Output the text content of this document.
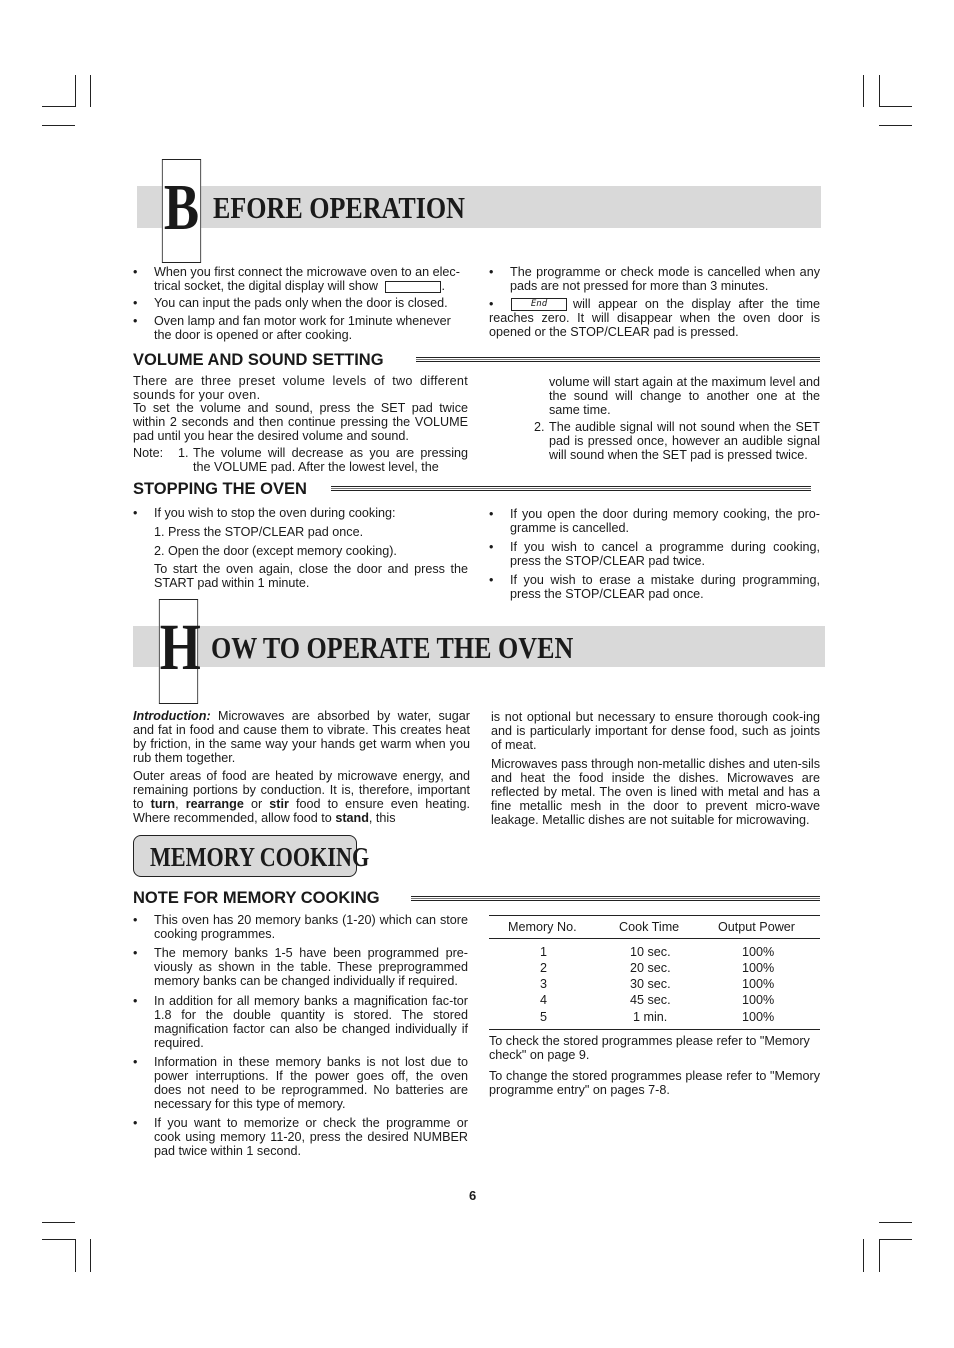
B EFORE OPERATION
• When you first connect the microwave oven to an elec-trical socket, the digital display will show	.
• You can input the pads only when the door is closed.
• Oven lamp and fan motor work for 1minute whenever the door is opened or after cooking.
• The programme or check mode is cancelled when any pads are not pressed for more than 3 minutes.
•	End will appear on the display after the time reaches zero. It will disappear when the oven door is opened or the STOP/CLEAR pad is pressed.
VOLUME AND SOUND SETTING
There are three preset volume levels of two different sounds for your oven.
To set the volume and sound, press the SET pad twice within 2 seconds and then continue pressing the VOLUME pad until you hear the desired volume and sound.
Note: 1. The volume will decrease as you are pressing the VOLUME pad. After the lowest level, the
volume will start again at the maximum level and the sound will change to another one at the same time.
2. The audible signal will not sound when the SET pad is pressed once, however an audible signal will sound when the SET pad is pressed twice.
STOPPING THE OVEN
• If you wish to stop the oven during cooking:
1. Press the STOP/CLEAR pad once.
2. Open the door (except memory cooking).
To start the oven again, close the door and press the START pad within 1 minute.
• If you open the door during memory cooking, the pro-gramme is cancelled.
• If you wish to cancel a programme during cooking, press the STOP/CLEAR pad twice.
• If you wish to erase a mistake during programming, press the STOP/CLEAR pad once.
H OW TO OPERATE THE OVEN
Introduction: Microwaves are absorbed by water, sugar and fat in food and cause them to vibrate. This creates heat by friction, in the same way your hands get warm when you rub them together.
Outer areas of food are heated by microwave energy, and remaining portions by conduction. It is, therefore, important to turn, rearrange or stir food to ensure even heating. Where recommended, allow food to stand, this
is not optional but necessary to ensure thorough cook-ing and is particularly important for dense food, such as joints of meat.
Microwaves pass through non-metallic dishes and uten-sils and heat the food inside the dishes. Microwaves are reflected by metal. The oven is lined with metal and has a fine metallic mesh in the door to prevent micro-wave leakage. Metallic dishes are not suitable for microwaving.
MEMORY COOKING
NOTE FOR MEMORY COOKING
• This oven has 20 memory banks (1-20) which can store cooking programmes.
• The memory banks 1-5 have been programmed pre-viously as shown in the table. These preprogrammed memory banks can be changed individually if required.
• In addition for all memory banks a magnification fac-tor 1.8 for the double quantity is stored. The stored magnification factor can also be changed individually if required.
• Information in these memory banks is not lost due to power interruptions. If the power goes off, the oven does not need to be reprogrammed. No batteries are necessary for this type of memory.
• If you want to memorize or check the programme or cook using memory 11-20, press the desired NUMBER pad twice within 1 second.
Memory No.	Cook Time	Output Power
1	10 sec.	100%
2	20 sec.	100%
3	30 sec.	100%
4	45 sec.	100%
5	1 min.	100%
To check the stored programmes please refer to "Memory check" on page 9.
To change the stored programmes please refer to "Memory programme entry" on pages 7-8.
6
